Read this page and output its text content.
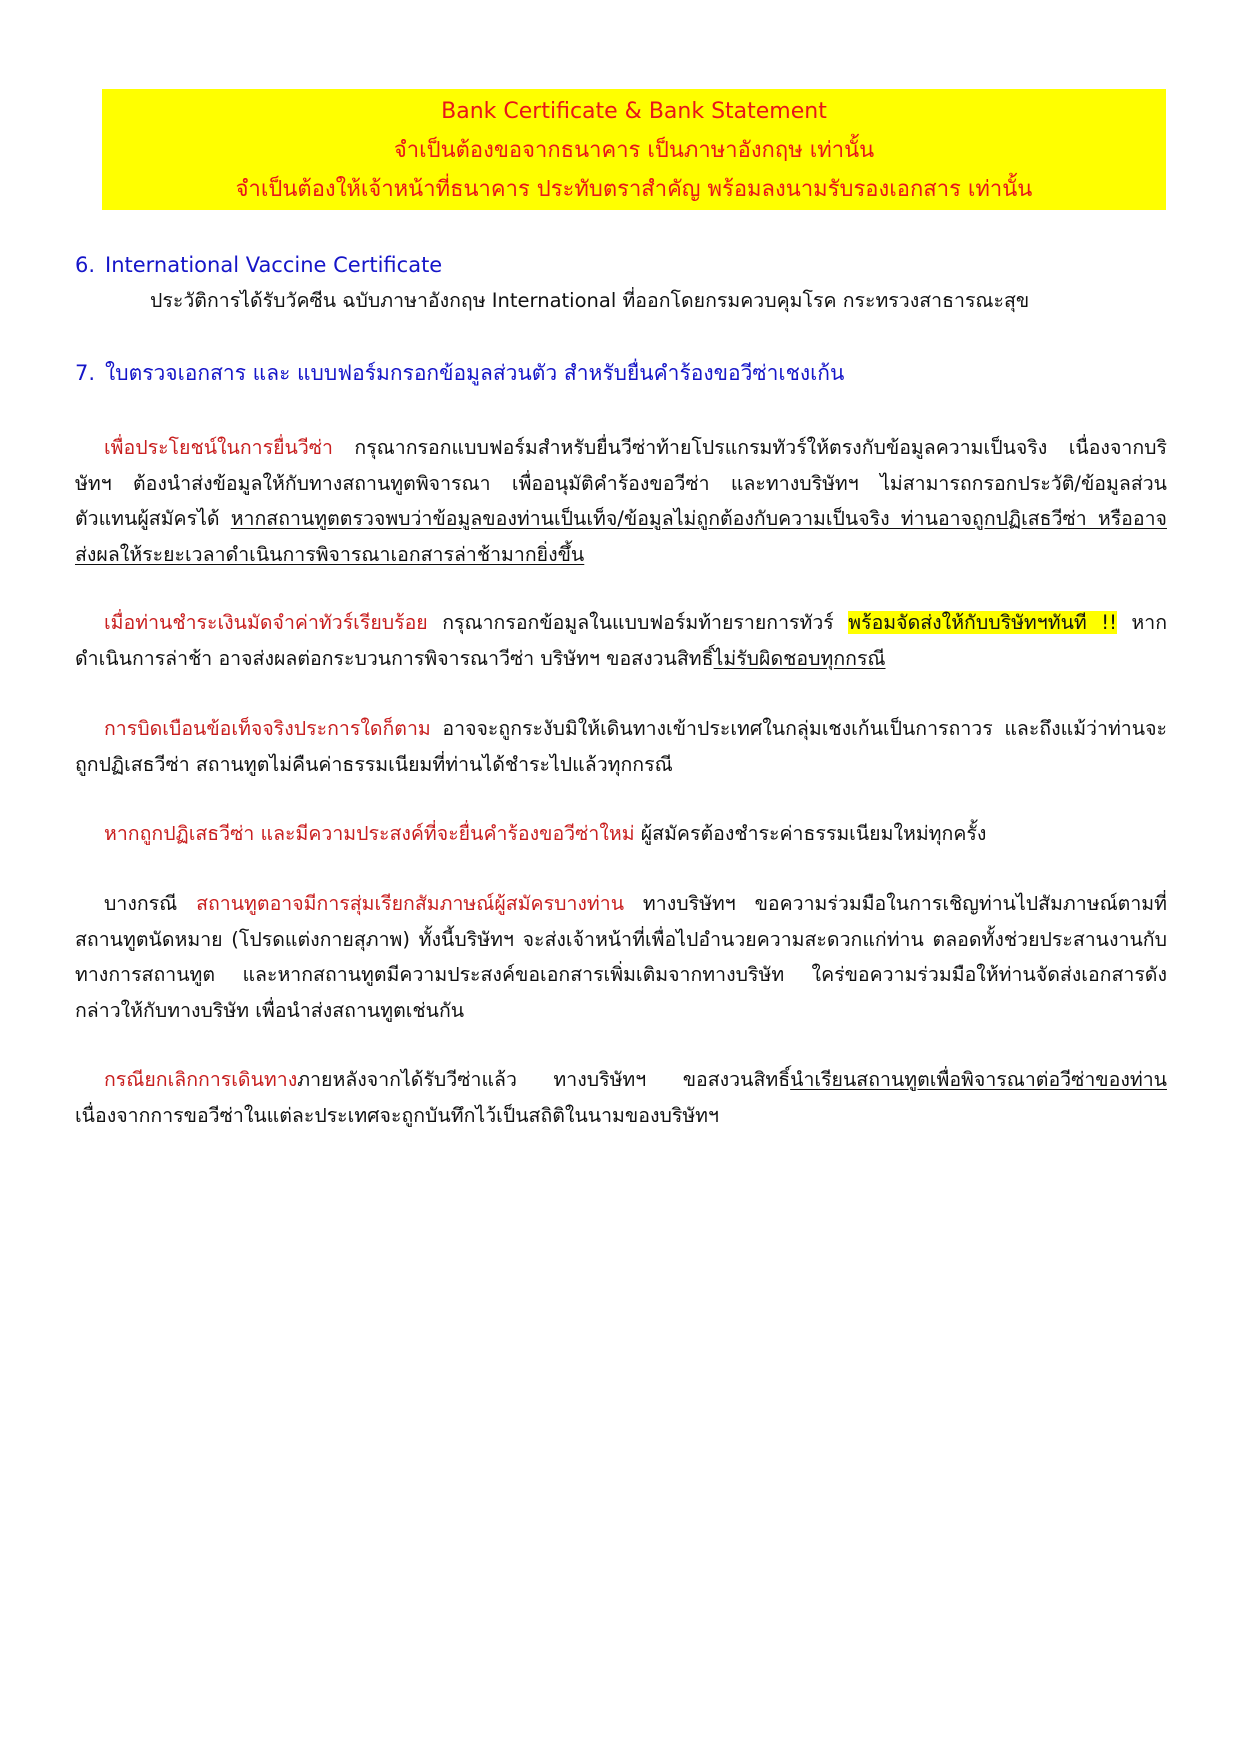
Bank Certificate & Bank Statement
จำเป็นต้องขอจากธนาคาร เป็นภาษาอังกฤษ เท่านั้น
จำเป็นต้องให้เจ้าหน้าที่ธนาคาร ประทับตราสำคัญ พร้อมลงนามรับรองเอกสาร เท่านั้น
6. International Vaccine Certificate
ประวัติการได้รับวัคซีน ฉบับภาษาอังกฤษ International ที่ออกโดยกรมควบคุมโรค กระทรวงสาธารณะสุข
7. ใบตรวจเอกสาร และ แบบฟอร์มกรอกข้อมูลส่วนตัว สำหรับยื่นคำร้องขอวีซ่าเชงเก้น
เพื่อประโยชน์ในการยื่นวีซ่า กรุณากรอกแบบฟอร์มสำหรับยื่นวีซ่าท้ายโปรแกรมทัวร์ให้ตรงกับข้อมูลความเป็นจริง เนื่องจากบริษัทฯ ต้องนำส่งข้อมูลให้กับทางสถานทูตพิจารณา เพื่ออนุมัติคำร้องขอวีซ่า และทางบริษัทฯ ไม่สามารถกรอกประวัติ/ข้อมูลส่วนตัวแทนผู้สมัครได้ หากสถานทูตตรวจพบว่าข้อมูลของท่านเป็นเท็จ/ข้อมูลไม่ถูกต้องกับความเป็นจริง ท่านอาจถูกปฏิเสธวีซ่า หรืออาจส่งผลให้ระยะเวลาดำเนินการพิจารณาเอกสารล่าช้ามากยิ่งขึ้น
เมื่อท่านชำระเงินมัดจำค่าทัวร์เรียบร้อย กรุณากรอกข้อมูลในแบบฟอร์มท้ายรายการทัวร์ พร้อมจัดส่งให้กับบริษัทฯทันที !! หากดำเนินการล่าช้า อาจส่งผลต่อกระบวนการพิจารณาวีซ่า บริษัทฯ ขอสงวนสิทธิ์ไม่รับผิดชอบทุกกรณี
การบิดเบือนข้อเท็จจริงประการใดก็ตาม อาจจะถูกระงับมิให้เดินทางเข้าประเทศในกลุ่มเชงเก้นเป็นการถาวร และถึงแม้ว่าท่านจะถูกปฏิเสธวีซ่า สถานทูตไม่คืนค่าธรรมเนียมที่ท่านได้ชำระไปแล้วทุกกรณี
หากถูกปฏิเสธวีซ่า และมีความประสงค์ที่จะยื่นคำร้องขอวีซ่าใหม่ ผู้สมัครต้องชำระค่าธรรมเนียมใหม่ทุกครั้ง
บางกรณี สถานทูตอาจมีการสุ่มเรียกสัมภาษณ์ผู้สมัครบางท่าน ทางบริษัทฯ ขอความร่วมมือในการเชิญท่านไปสัมภาษณ์ตามที่สถานทูตนัดหมาย (โปรดแต่งกายสุภาพ) ทั้งนี้บริษัทฯ จะส่งเจ้าหน้าที่เพื่อไปอำนวยความสะดวกแก่ท่าน ตลอดทั้งช่วยประสานงานกับทางการสถานทูต และหากสถานทูตมีความประสงค์ขอเอกสารเพิ่มเติมจากทางบริษัท ใคร่ขอความร่วมมือให้ท่านจัดส่งเอกสารดังกล่าวให้กับทางบริษัท เพื่อนำส่งสถานทูตเช่นกัน
กรณียกเลิกการเดินทางภายหลังจากได้รับวีซ่าแล้ว ทางบริษัทฯ ขอสงวนสิทธิ์นำเรียนสถานทูตเพื่อพิจารณาต่อวีซ่าของท่าน เนื่องจากการขอวีซ่าในแต่ละประเทศจะถูกบันทึกไว้เป็นสถิติในนามของบริษัทฯ
